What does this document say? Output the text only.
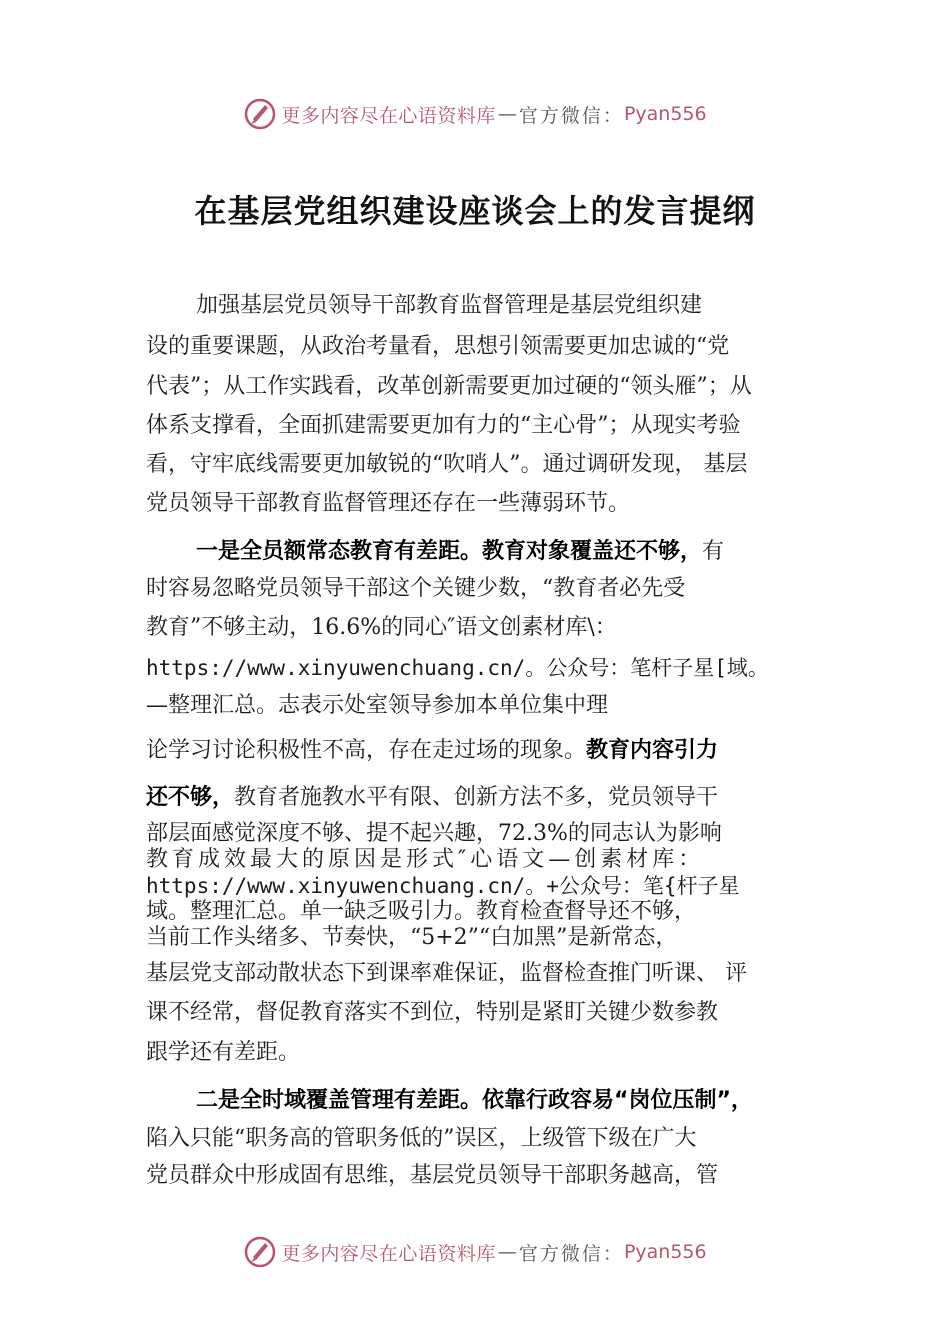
更多内容尽在心语资料库 — 官方微信： Pyan556
在基层党组织建设座谈会上的发言提纲
加强基层党员领导干部教育监督管理是基层党组织建
设的重要课题，从政治考量看，思想引领需要更加忠诚的“党
代表”；从工作实践看，改革创新需要更加过硬的“领头雁”；从
体系支撑看，全面抓建需要更加有力的“主心骨”；从现实考验
看，守牢底线需要更加敏锐的“吹哨人”。通过调研发现， 基层
党员领导干部教育监督管理还存在一些薄弱环节。
一是全员额常态教育有差距。教育对象覆盖还不够，有
时容易忽略党员领导干部这个关键少数，“教育者必先受
教育”不够主动，16.6%的同心″语文创素材库\：
https://www.xinyuwenchuang.cn/。公众号：笔杆子星[域。
—整理汇总。志表示处室领导参加本单位集中理
论学习讨论积极性不高，存在走过场的现象。教育内容引力
还不够，教育者施教水平有限、创新方法不多，党员领导干
部层面感觉深度不够、提不起兴趣，72.3%的同志认为影响
教育成效最大的原因是形式″心语文—创素材库：
https://www.xinyuwenchuang.cn/。+公众号：笔{杆子星
域。整理汇总。单一缺乏吸引力。教育检查督导还不够，
当前工作头绪多、节奏快，“5+2”“白加黑”是新常态，
基层党支部动散状态下到课率难保证，监督检查推门听课、 评
课不经常，督促教育落实不到位，特别是紧盯关键少数参教
跟学还有差距。
二是全时域覆盖管理有差距。依靠行政容易“岗位压制”，
陷入只能“职务高的管职务低的”误区，上级管下级在广大
党员群众中形成固有思维，基层党员领导干部职务越高，管
更多内容尽在心语资料库 — 官方微信： Pyan556
